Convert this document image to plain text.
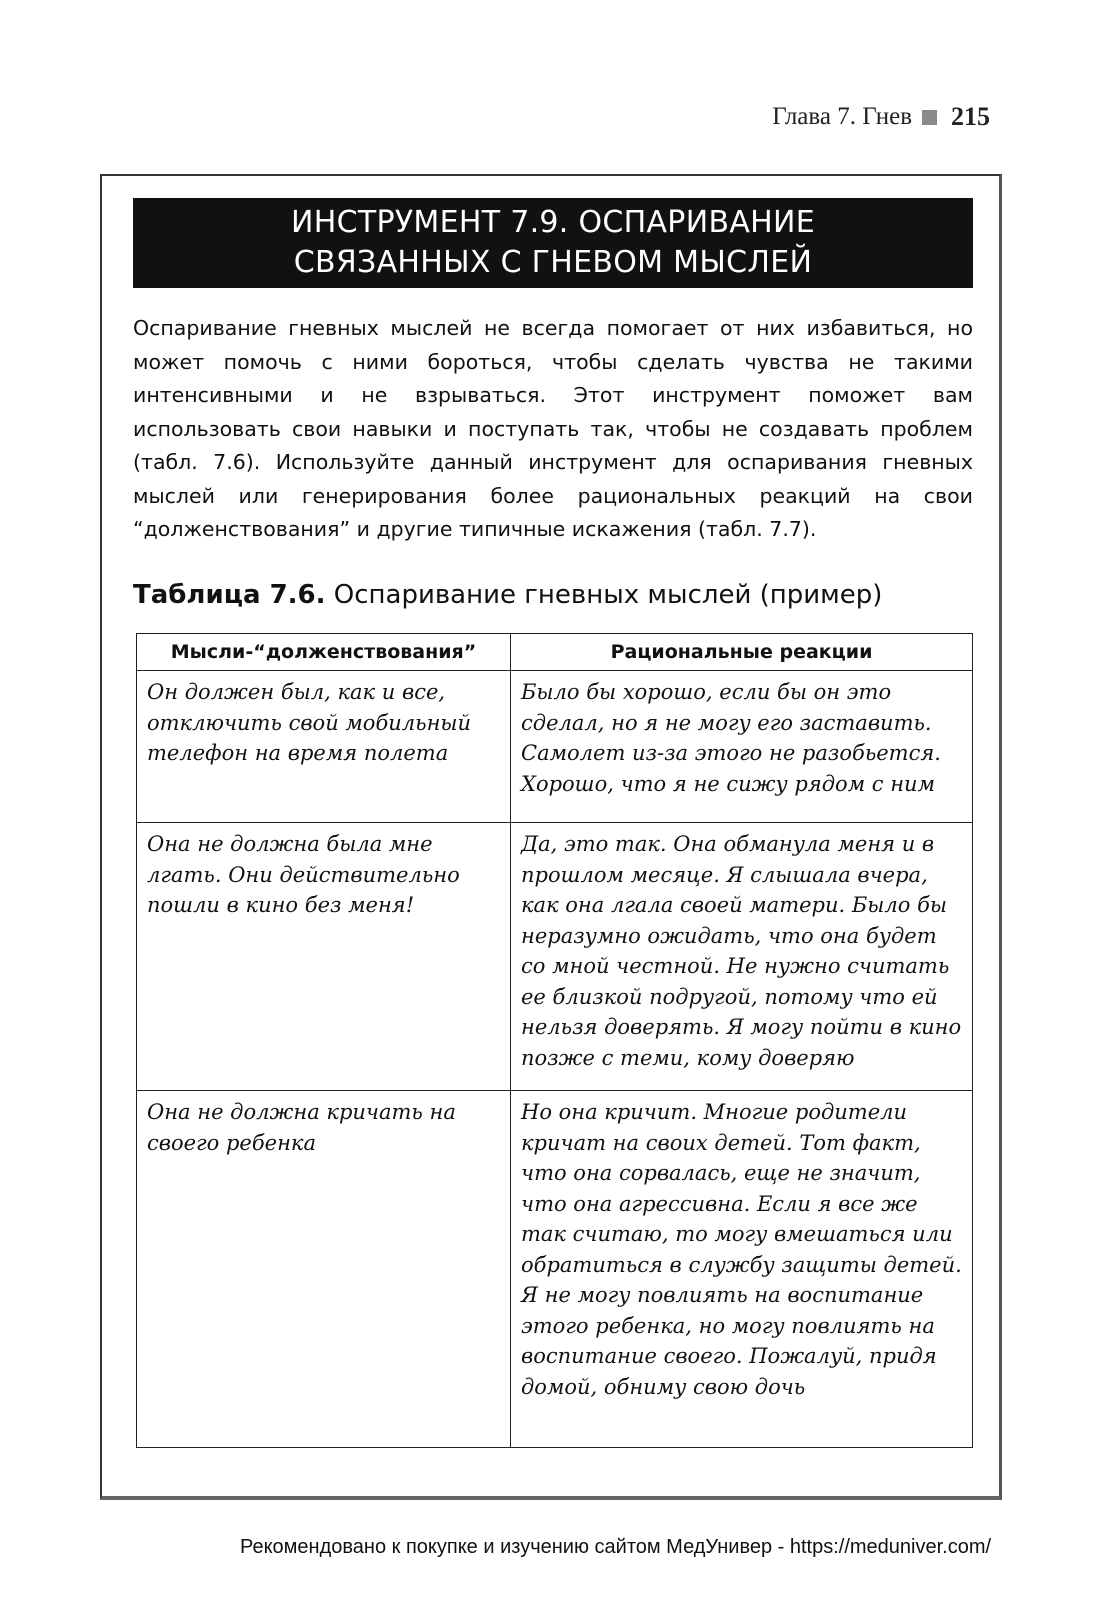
Глава 7. Гнев 215
ИНСТРУМЕНТ 7.9. ОСПАРИВАНИЕ
СВЯЗАННЫХ С ГНЕВОМ МЫСЛЕЙ

Оспаривание гневных мыслей не всегда помогает от них избавиться, но может помочь с ними бороться, чтобы сделать чувства не такими интенсивными и не взрываться. Этот инструмент поможет вам использовать свои навыки и поступать так, чтобы не создавать проблем (табл. 7.6). Используйте данный инструмент для оспаривания гневных мыслей или генерирования более рациональных реакций на свои “долженствования” и другие типичные искажения (табл. 7.7).

Таблица 7.6. Оспаривание гневных мыслей (пример)

Мысли-“долженствования”	Рациональные реакции
Он должен был, как и все, отключить свой мобильный телефон на время полета	Было бы хорошо, если бы он это сделал, но я не могу его заставить. Самолет из-за этого не разобьется. Хорошо, что я не сижу рядом с ним
Она не должна была мне лгать. Они действительно пошли в кино без меня!	Да, это так. Она обманула меня и в прошлом месяце. Я слышала вчера, как она лгала своей матери. Было бы неразумно ожидать, что она будет со мной честной. Не нужно считать ее близкой подругой, потому что ей нельзя доверять. Я могу пойти в кино позже с теми, кому доверяю
Она не должна кричать на своего ребенка	Но она кричит. Многие родители кричат на своих детей. Тот факт, что она сорвалась, еще не значит, что она агрессивна. Если я все же так считаю, то могу вмешаться или обратиться в службу защиты детей. Я не могу повлиять на воспитание этого ребенка, но могу повлиять на воспитание своего. Пожалуй, придя домой, обниму свою дочь
Рекомендовано к покупке и изучению сайтом МедУнивер - https://meduniver.com/
